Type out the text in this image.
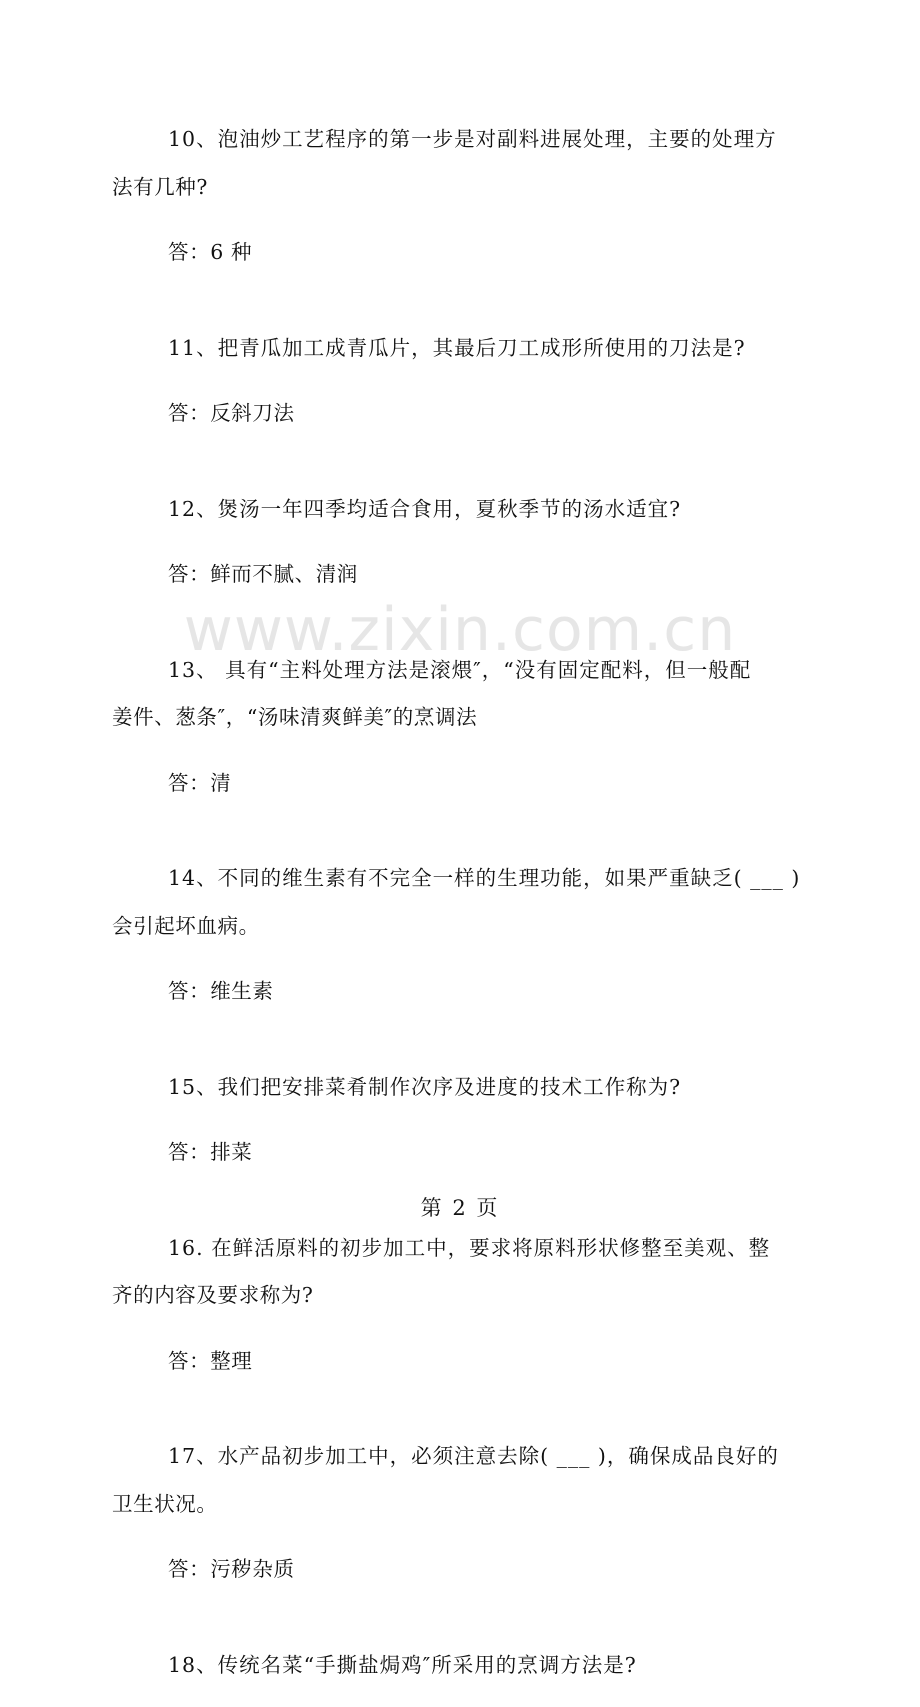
www.zixin.com.cn
10、泡油炒工艺程序的第一步是对副料进展处理，主要的处理方
法有几种?
答：6 种
11、把青瓜加工成青瓜片，其最后刀工成形所使用的刀法是?
答：反斜刀法
12、煲汤一年四季均适合食用，夏秋季节的汤水适宜?
答：鲜而不腻、清润
13、 具有“主料处理方法是滚煨″，“没有固定配料，但一般配
姜件、葱条″，“汤味清爽鲜美″的烹调法
答：清
14、不同的维生素有不完全一样的生理功能，如果严重缺乏( ___ )
会引起坏血病。
答：维生素
15、我们把安排菜肴制作次序及进度的技术工作称为?
答：排菜
16. 在鲜活原料的初步加工中，要求将原料形状修整至美观、整
齐的内容及要求称为?
答：整理
17、水产品初步加工中，必须注意去除( ___ )，确保成品良好的
卫生状况。
答：污秽杂质
18、传统名菜“手撕盐焗鸡″所采用的烹调方法是?
第 2 页
